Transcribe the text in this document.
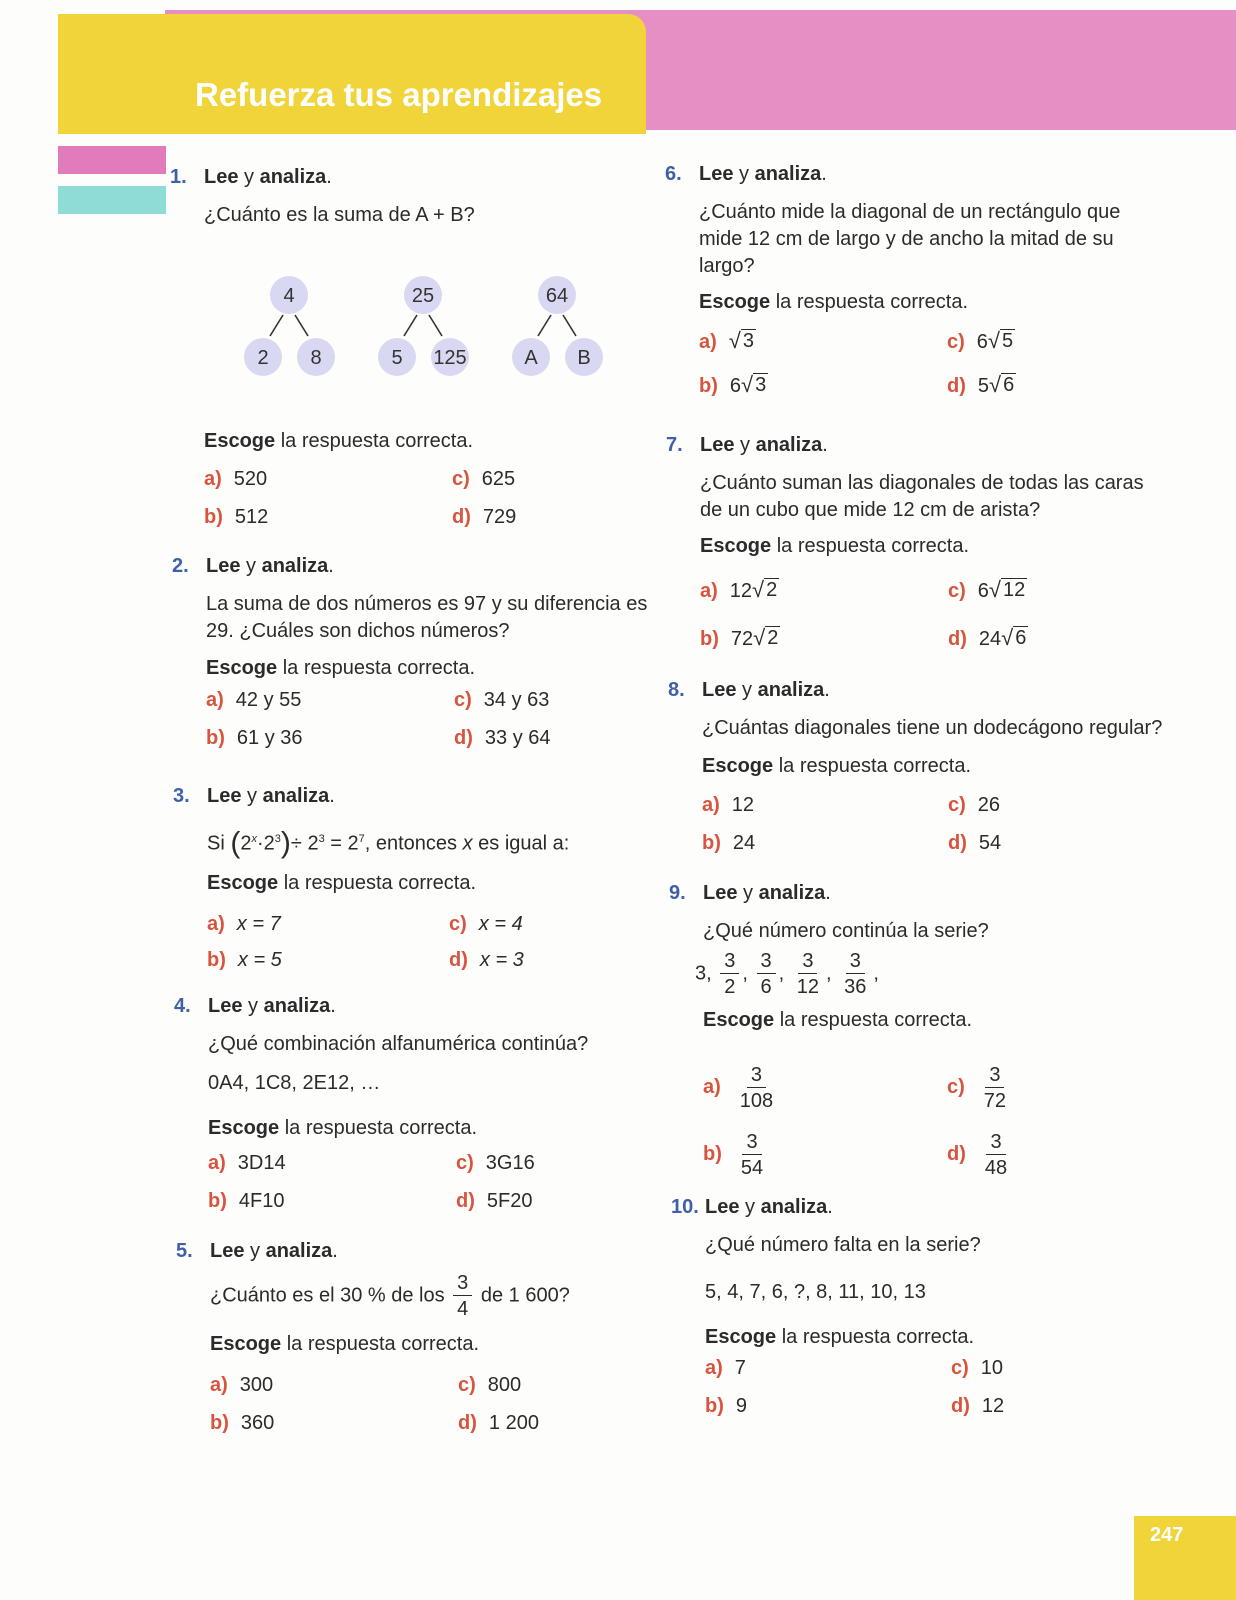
Refuerza tus aprendizajes
247
1. Lee y analiza.
¿Cuánto es la suma de A + B?
4
2 8
25
5 125
64
A B
Escoge la respuesta correcta.
a) 520
b) 512
c) 625
d) 729
2. Lee y analiza.
La suma de dos números es 97 y su diferencia es
29. ¿Cuáles son dichos números?
Escoge la respuesta correcta.
a) 42 y 55
b) 61 y 36
c) 34 y 63
d) 33 y 64
3. Lee y analiza.
Si $(2^x\cdot 2^3)\div 2^3 = 2^7$, entonces x es igual a:
Escoge la respuesta correcta.
a) x = 7
b) x = 5
c) x = 4
d) x = 3
4. Lee y analiza.
¿Qué combinación alfanumérica continúa?
0A4, 1C8, 2E12, …
Escoge la respuesta correcta.
a) 3D14
b) 4F10
c) 3G16
d) 5F20
5. Lee y analiza.
¿Cuánto es el 30 % de los $\frac{3}{4}$ de 1 600?
Escoge la respuesta correcta.
a) 300
b) 360
c) 800
d) 1 200
6. Lee y analiza.
¿Cuánto mide la diagonal de un rectángulo que
mide 12 cm de largo y de ancho la mitad de su
largo?
Escoge la respuesta correcta.
a) √ 3
b) 6 √ 3
c) 6 √ 5
d) 5 √ 6
7. Lee y analiza.
¿Cuánto suman las diagonales de todas las caras
de un cubo que mide 12 cm de arista?
Escoge la respuesta correcta.
a) 12 √ 2
b) 72 √ 2
c) 6 √ 12
d) 24 √ 6
8. Lee y analiza.
¿Cuántas diagonales tiene un dodecágono regular?
Escoge la respuesta correcta.
a) 12
b) 24
c) 26
d) 54
9. Lee y analiza.
¿Qué número continúa la serie?
3, $\frac{3}{2}$ , $\frac{3}{6}$ , $\frac{3}{12}$ , $\frac{3}{36}$ ,
Escoge la respuesta correcta.
$a) \frac{3}{108}$
$b) \frac{3}{54}$
$c) \frac{3}{72}$
$d) \frac{3}{48}$
10. Lee y analiza.
¿Qué número falta en la serie?
5, 4, 7, 6, ?, 8, 11, 10, 13
Escoge la respuesta correcta.
a) 7
b) 9
c) 10
d) 12
